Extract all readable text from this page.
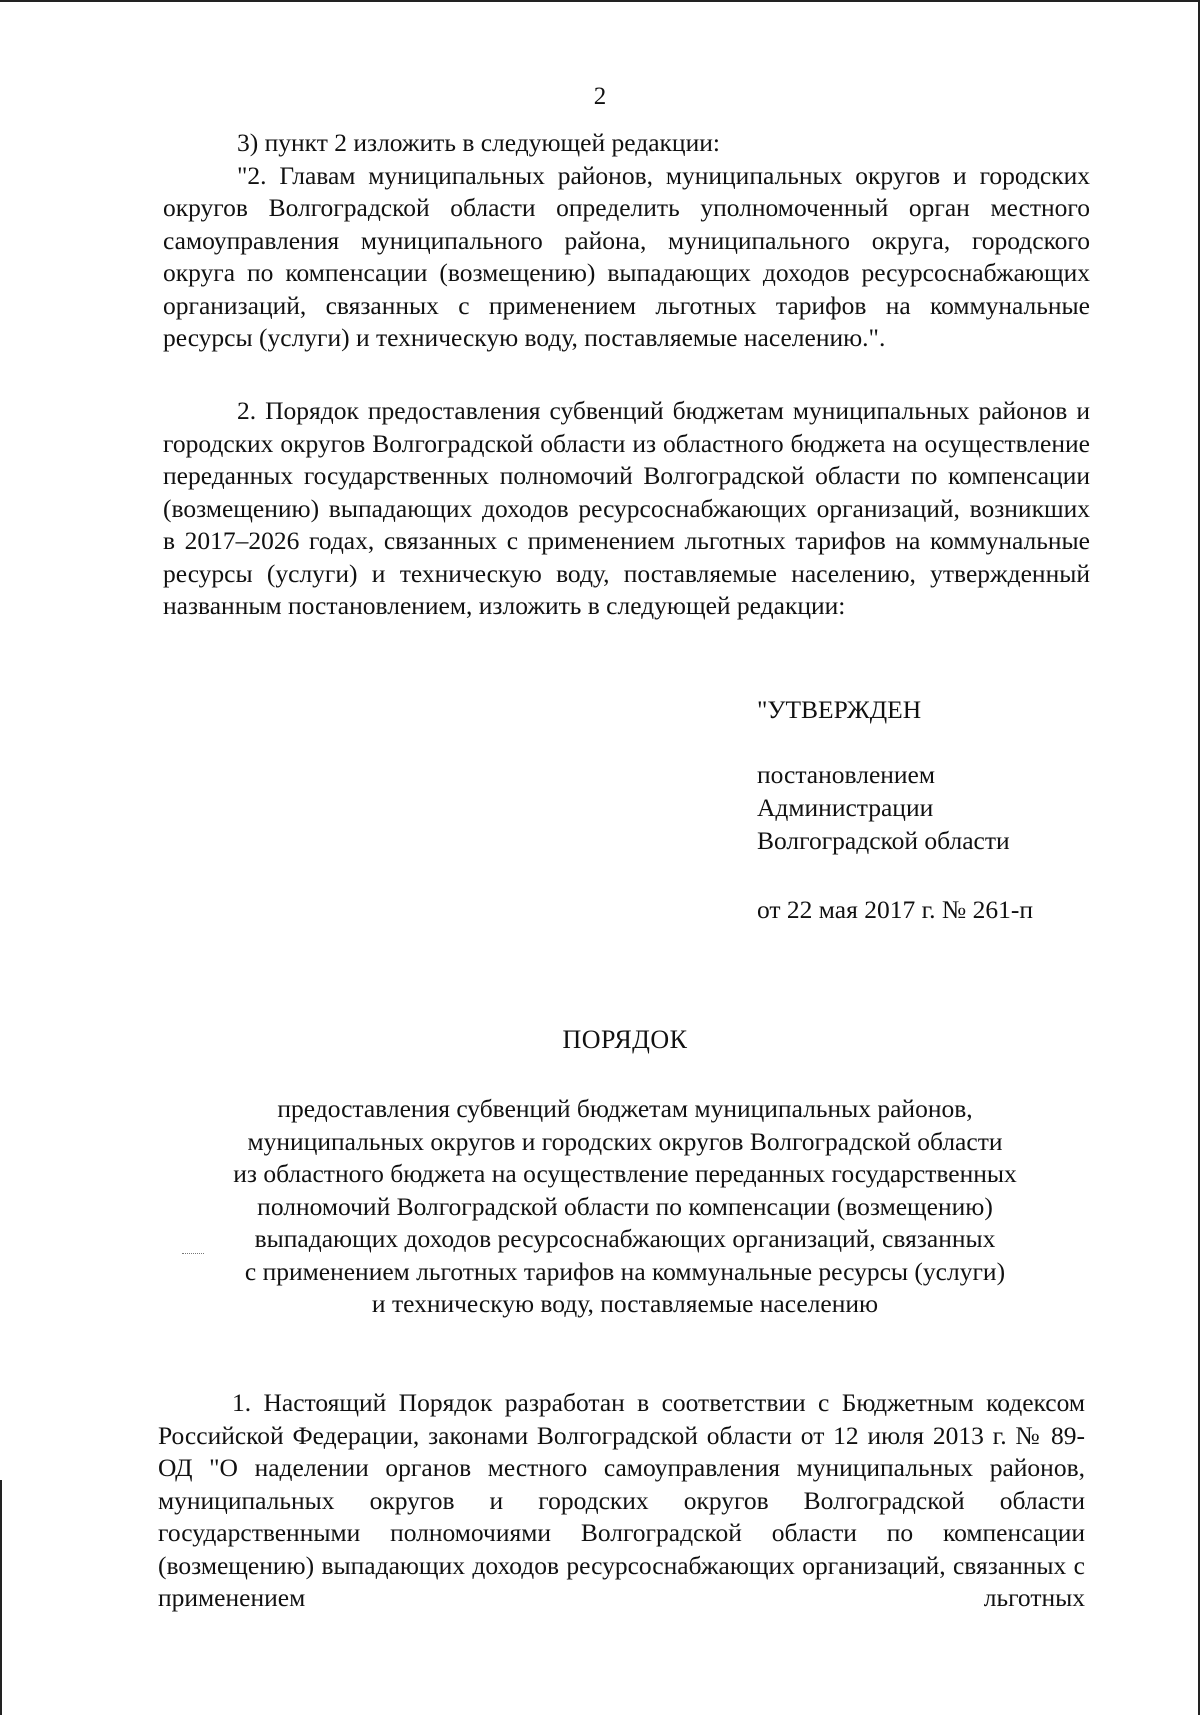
2

3) пункт 2 изложить в следующей редакции:

"2. Главам муниципальных районов, муниципальных округов и городских округов Волгоградской области определить уполномоченный орган местного самоуправления муниципального района, муниципального округа, городского округа по компенсации (возмещению) выпадающих доходов ресурсоснабжающих организаций, связанных с применением льготных тарифов на коммунальные ресурсы (услуги) и техническую воду, поставляемые населению.".

2. Порядок предоставления субвенций бюджетам муниципальных районов и городских округов Волгоградской области из областного бюджета на осуществление переданных государственных полномочий Волгоградской области по компенсации (возмещению) выпадающих доходов ресурсоснабжающих организаций, возникших в 2017–2026 годах, связанных с применением льготных тарифов на коммунальные ресурсы (услуги) и техническую воду, поставляемые населению, утвержденный названным постановлением, изложить в следующей редакции:

"УТВЕРЖДЕН
постановлением
Администрации
Волгоградской области
от 22 мая 2017 г. № 261-п
ПОРЯДОК
предоставления субвенций бюджетам муниципальных районов,
муниципальных округов и городских округов Волгоградской области
из областного бюджета на осуществление переданных государственных
полномочий Волгоградской области по компенсации (возмещению)
выпадающих доходов ресурсоснабжающих организаций, связанных
с применением льготных тарифов на коммунальные ресурсы (услуги)
и техническую воду, поставляемые населению

1. Настоящий Порядок разработан в соответствии с Бюджетным кодексом Российской Федерации, законами Волгоградской области от 12 июля 2013 г. № 89-ОД "О наделении органов местного самоуправления муниципальных районов, муниципальных округов и городских округов Волгоградской области государственными полномочиями Волгоградской области по компенсации (возмещению) выпадающих доходов ресурсоснабжающих организаций, связанных с применением льготных
